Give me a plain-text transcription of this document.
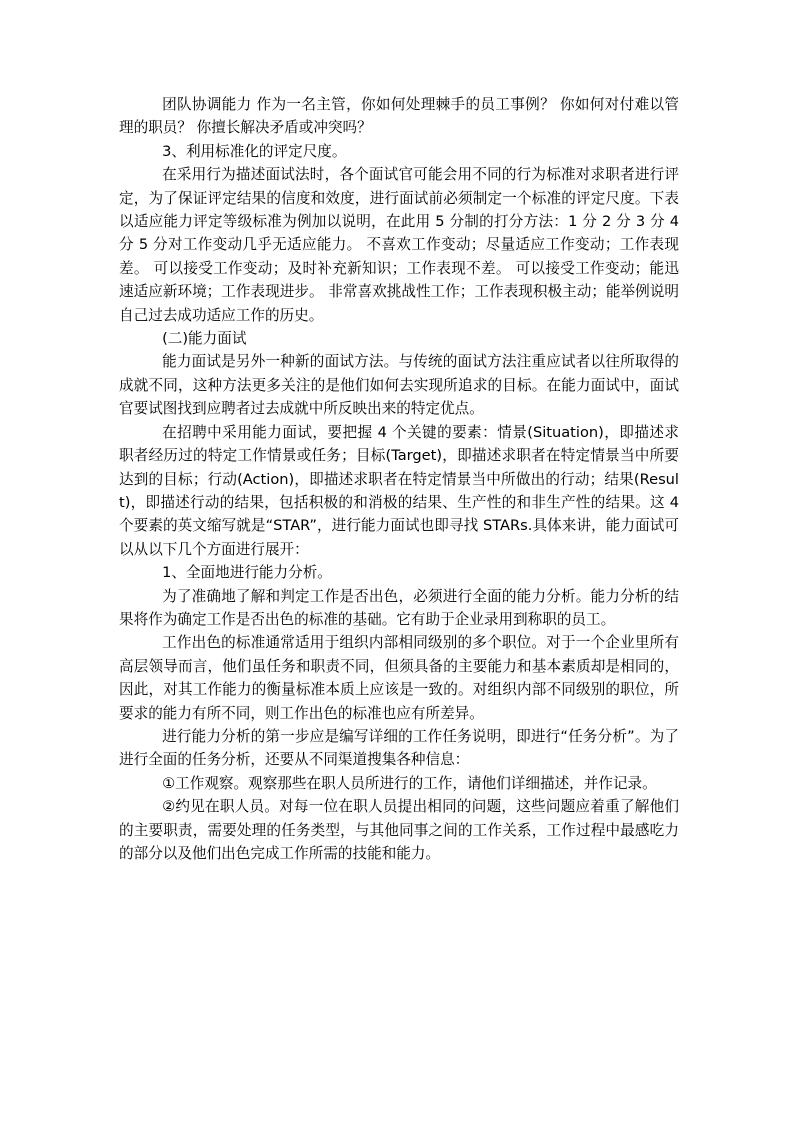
团队协调能力 作为一名主管，你如何处理棘手的员工事例？ 你如何对付难以管理的职员？ 你擅长解决矛盾或冲突吗？

3、利用标准化的评定尺度。

在采用行为描述面试法时，各个面试官可能会用不同的行为标准对求职者进行评定，为了保证评定结果的信度和效度，进行面试前必须制定一个标准的评定尺度。下表以适应能力评定等级标准为例加以说明，在此用 5 分制的打分方法：1 分 2 分 3 分 4 分 5 分对工作变动几乎无适应能力。 不喜欢工作变动；尽量适应工作变动；工作表现差。 可以接受工作变动；及时补充新知识；工作表现不差。 可以接受工作变动；能迅速适应新环境；工作表现进步。 非常喜欢挑战性工作；工作表现积极主动；能举例说明自己过去成功适应工作的历史。

(二)能力面试

能力面试是另外一种新的面试方法。与传统的面试方法注重应试者以往所取得的成就不同，这种方法更多关注的是他们如何去实现所追求的目标。在能力面试中，面试官要试图找到应聘者过去成就中所反映出来的特定优点。

在招聘中采用能力面试，要把握 4 个关键的要素：情景(Situation)，即描述求职者经历过的特定工作情景或任务；目标(Target)，即描述求职者在特定情景当中所要达到的目标；行动(Action)，即描述求职者在特定情景当中所做出的行动；结果(Result)，即描述行动的结果，包括积极的和消极的结果、生产性的和非生产性的结果。这 4 个要素的英文缩写就是“STAR”，进行能力面试也即寻找 STARs.具体来讲，能力面试可以从以下几个方面进行展开：

1、全面地进行能力分析。

为了准确地了解和判定工作是否出色，必须进行全面的能力分析。能力分析的结果将作为确定工作是否出色的标准的基础。它有助于企业录用到称职的员工。

工作出色的标准通常适用于组织内部相同级别的多个职位。对于一个企业里所有高层领导而言，他们虽任务和职责不同，但须具备的主要能力和基本素质却是相同的，因此，对其工作能力的衡量标准本质上应该是一致的。对组织内部不同级别的职位，所要求的能力有所不同，则工作出色的标准也应有所差异。

进行能力分析的第一步应是编写详细的工作任务说明，即进行“任务分析”。为了进行全面的任务分析，还要从不同渠道搜集各种信息：

①工作观察。观察那些在职人员所进行的工作，请他们详细描述，并作记录。

②约见在职人员。对每一位在职人员提出相同的问题，这些问题应着重了解他们的主要职责，需要处理的任务类型，与其他同事之间的工作关系，工作过程中最感吃力的部分以及他们出色完成工作所需的技能和能力。
